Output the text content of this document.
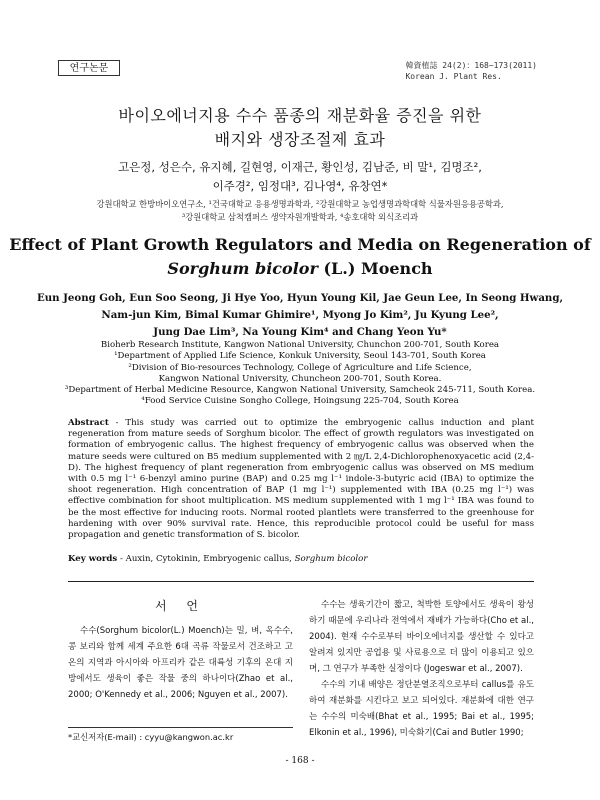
연구논문	韓資植誌 24(2)：168~173(2011)
Korean J. Plant Res.
바이오에너지용 수수 품종의 재분화율 증진을 위한
배지와 생장조절제 효과
고은정, 성은수, 유지혜, 길현영, 이재근, 황인성, 김남준, 비 말¹, 김명조²,
이주경², 임정대³, 김나영⁴, 유창연*
강원대학교 한방바이오연구소, ¹건국대학교 응용생명과학과, ²강원대학교 농업생명과학대학 식물자원응용공학과,
³강원대학교 삼척캠퍼스 생약자원개발학과, ⁴송호대학 외식조리과
Effect of Plant Growth Regulators and Media on Regeneration of
Sorghum bicolor (L.) Moench
Eun Jeong Goh, Eun Soo Seong, Ji Hye Yoo, Hyun Young Kil, Jae Geun Lee, In Seong Hwang,
Nam-jun Kim, Bimal Kumar Ghimire¹, Myong Jo Kim², Ju Kyung Lee²,
Jung Dae Lim³, Na Young Kim⁴ and Chang Yeon Yu*
Bioherb Research Institute, Kangwon National University, Chunchon 200-701, South Korea
¹Department of Applied Life Science, Konkuk University, Seoul 143-701, South Korea
²Division of Bio-resources Technology, College of Agriculture and Life Science,
Kangwon National University, Chuncheon 200-701, South Korea.
³Department of Herbal Medicine Resource, Kangwon National University, Samcheok 245-711, South Korea.
⁴Food Service Cuisine Songho College, Hoingsung 225-704, South Korea
Abstract - This study was carried out to optimize the embryogenic callus induction and plant regeneration from mature seeds of Sorghum bicolor. The effect of growth regulators was investigated on formation of embryogenic callus. The highest frequency of embryogenic callus was observed when the mature seeds were cultured on B5 medium supplemented with 2 ㎎/L 2,4-Dichlorophenoxyacetic acid (2,4-D). The highest frequency of plant regeneration from embryogenic callus was observed on MS medium with 0.5 mg l⁻¹ 6-benzyl amino purine (BAP) and 0.25 mg l⁻¹ indole-3-butyric acid (IBA) to optimize the shoot regeneration. High concentration of BAP (1 mg l⁻¹) supplemented with IBA (0.25 mg l⁻¹) was effective combination for shoot multiplication. MS medium supplemented with 1 mg l⁻¹ IBA was found to be the most effective for inducing roots. Normal rooted plantlets were transferred to the greenhouse for hardening with over 90% survival rate. Hence, this reproducible protocol could be useful for mass propagation and genetic transformation of S. bicolor.
Key words - Auxin, Cytokinin, Embryogenic callus, Sorghum bicolor
서 언
수수(Sorghum bicolor(L.) Moench)는 밀, 벼, 옥수수, 콩 보리와 함께 세계 주요한 6대 곡류 작물로서 건조하고 고온의 지역과 아시아와 아프리카 같은 대륙성 기후의 온대 지방에서도 생육이 좋은 작물 중의 하나이다(Zhao et al., 2000; O'Kennedy et al., 2006; Nguyen et al., 2007).
수수는 생육기간이 짧고, 척박한 토양에서도 생육이 왕성하기 때문에 우리나라 전역에서 재배가 가능하다(Cho et al., 2004). 현재 수수로부터 바이오에너지를 생산할 수 있다고 알려져 있지만 공업용 및 사료용으로 더 많이 이용되고 있으며, 그 연구가 부족한 실정이다 (Jogeswar et al., 2007).
수수의 기내 배양은 정단분열조직으로부터 callus를 유도하여 재분화를 시킨다고 보고 되어있다. 재분화에 대한 연구는 수수의 미숙배(Bhat et al., 1995; Bai et al., 1995; Elkonin et al., 1996), 미숙화기(Cai and Butler 1990;
*교신저자(E-mail) : cyyu@kangwon.ac.kr
- 168 -
